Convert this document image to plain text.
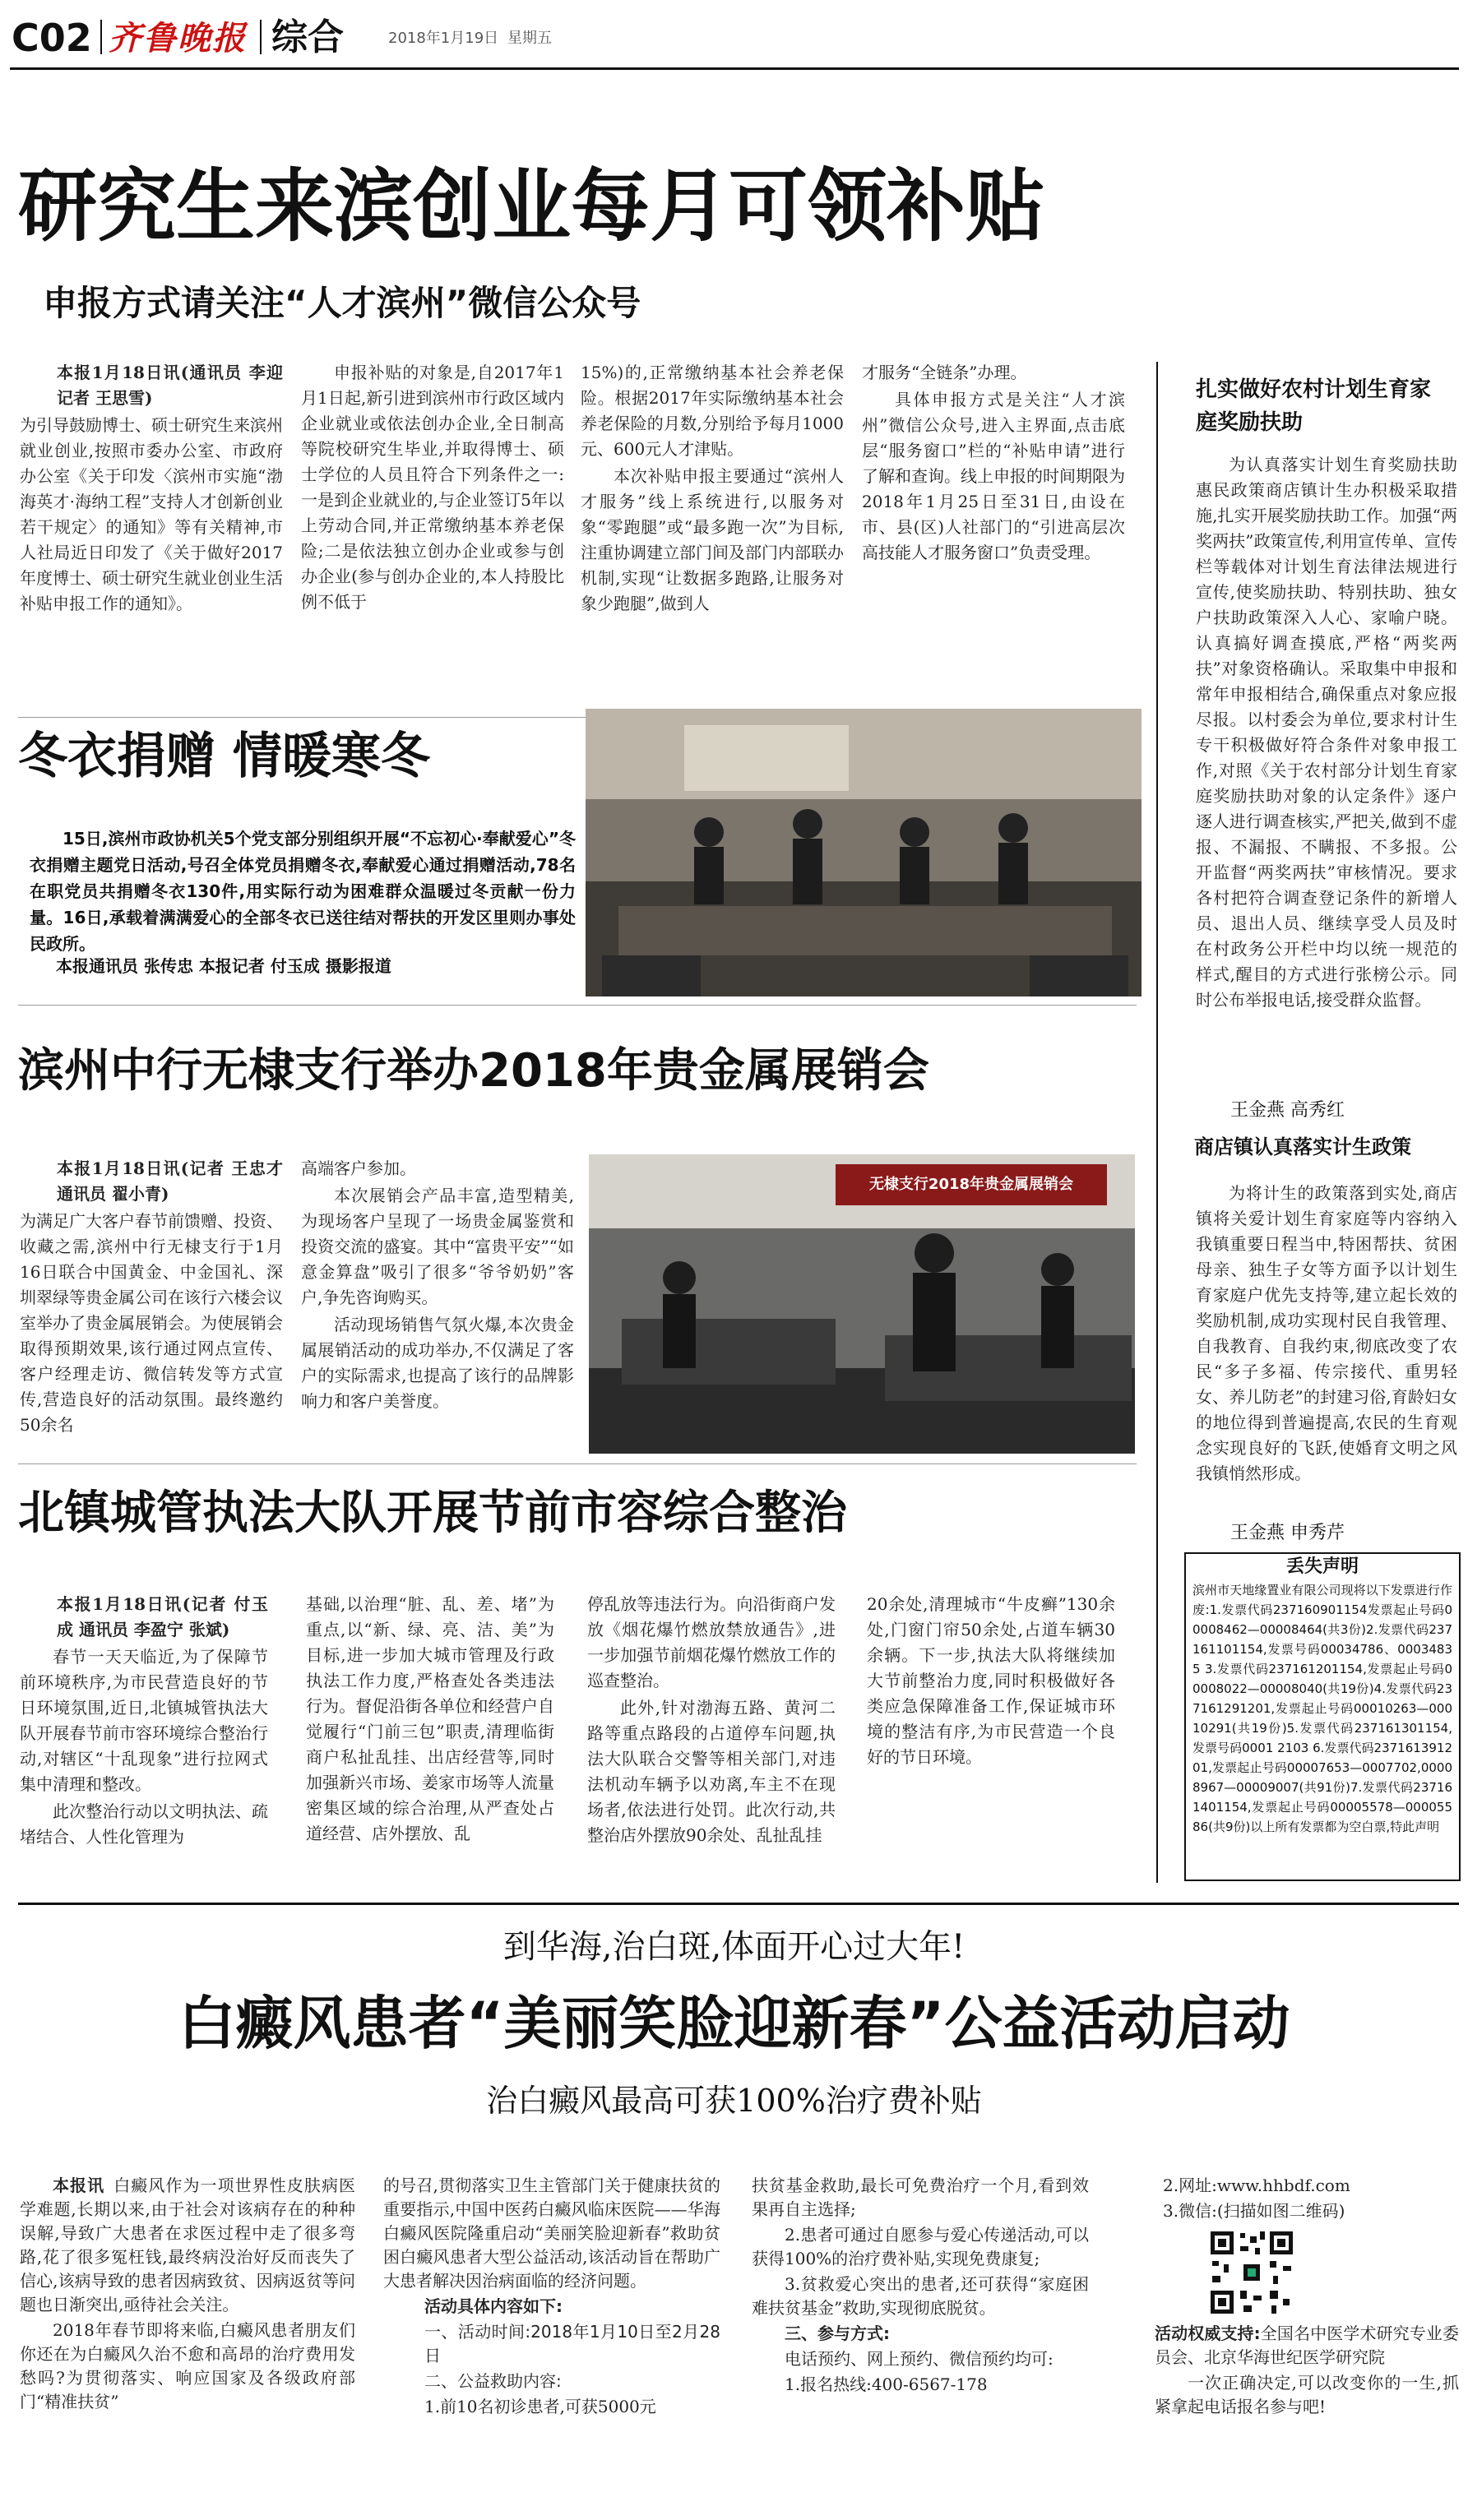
C02 齐鲁晚报 综合	2018年1月19日 星期五
研究生来滨创业每月可领补贴
申报方式请关注“人才滨州”微信公众号

本报1月18日讯(通讯员 李迎 记者 王思雪)

为引导鼓励博士、硕士研究生来滨州就业创业,按照市委办公室、市政府办公室《关于印发〈滨州市实施“渤海英才·海纳工程”支持人才创新创业若干规定〉的通知》等有关精神,市人社局近日印发了《关于做好2017年度博士、硕士研究生就业创业生活补贴申报工作的通知》。

申报补贴的对象是,自2017年1月1日起,新引进到滨州市行政区域内企业就业或依法创办企业,全日制高等院校研究生毕业,并取得博士、硕士学位的人员且符合下列条件之一:一是到企业就业的,与企业签订5年以上劳动合同,并正常缴纳基本养老保险;二是依法独立创办企业或参与创办企业(参与创办企业的,本人持股比例不低于

15%)的,正常缴纳基本社会养老保险。根据2017年实际缴纳基本社会养老保险的月数,分别给予每月1000元、600元人才津贴。

本次补贴申报主要通过“滨州人才服务”线上系统进行,以服务对象“零跑腿”或“最多跑一次”为目标,注重协调建立部门间及部门内部联办机制,实现“让数据多跑路,让服务对象少跑腿”,做到人

才服务“全链条”办理。

具体申报方式是关注“人才滨州”微信公众号,进入主界面,点击底层“服务窗口”栏的“补贴申请”进行了解和查询。线上申报的时间期限为2018年1月25日至31日,由设在市、县(区)人社部门的“引进高层次高技能人才服务窗口”负责受理。

扎实做好农村计划生育家庭奖励扶助

为认真落实计划生育奖励扶助惠民政策商店镇计生办积极采取措施,扎实开展奖励扶助工作。加强“两奖两扶”政策宣传,利用宣传单、宣传栏等载体对计划生育法律法规进行宣传,使奖励扶助、特别扶助、独女户扶助政策深入人心、家喻户晓。认真搞好调查摸底,严格“两奖两扶”对象资格确认。采取集中申报和常年申报相结合,确保重点对象应报尽报。以村委会为单位,要求村计生专干积极做好符合条件对象申报工作,对照《关于农村部分计划生育家庭奖励扶助对象的认定条件》逐户逐人进行调查核实,严把关,做到不虚报、不漏报、不瞒报、不多报。公开监督“两奖两扶”审核情况。要求各村把符合调查登记条件的新增人员、退出人员、继续享受人员及时在村政务公开栏中均以统一规范的样式,醒目的方式进行张榜公示。同时公布举报电话,接受群众监督。

王金燕 高秀红
商店镇认真落实计生政策

为将计生的政策落到实处,商店镇将关爱计划生育家庭等内容纳入我镇重要日程当中,特困帮扶、贫困母亲、独生子女等方面予以计划生育家庭户优先支持等,建立起长效的奖励机制,成功实现村民自我管理、自我教育、自我约束,彻底改变了农民“多子多福、传宗接代、重男轻女、养儿防老”的封建习俗,育龄妇女的地位得到普遍提高,农民的生育观念实现良好的飞跃,使婚育文明之风我镇悄然形成。

王金燕 申秀芹
丢失声明
滨州市天地缘置业有限公司现将以下发票进行作废:1.发票代码237160901154发票起止号码00008462—00008464(共3份)2.发票代码237161101154,发票号码00034786、00034835 3.发票代码237161201154,发票起止号码00008022—00008040(共19份)4.发票代码237161291201,发票起止号码00010263—00010291(共19份)5.发票代码237161301154,发票号码0001 2103 6.发票代码237161391201,发票起止号码00007653—0007702,00008967—00009007(共91份)7.发票代码237161401154,发票起止号码00005578—00005586(共9份)以上所有发票都为空白票,特此声明
冬衣捐赠 情暖寒冬
15日,滨州市政协机关5个党支部分别组织开展“不忘初心·奉献爱心”冬衣捐赠主题党日活动,号召全体党员捐赠冬衣,奉献爱心通过捐赠活动,78名在职党员共捐赠冬衣130件,用实际行动为困难群众温暖过冬贡献一份力量。16日,承载着满满爱心的全部冬衣已送往结对帮扶的开发区里则办事处民政所。
本报通讯员 张传忠 本报记者 付玉成 摄影报道
滨州中行无棣支行举办2018年贵金属展销会

本报1月18日讯(记者 王忠才 通讯员 翟小青)

为满足广大客户春节前馈赠、投资、收藏之需,滨州中行无棣支行于1月16日联合中国黄金、中金国礼、深圳翠绿等贵金属公司在该行六楼会议室举办了贵金属展销会。为使展销会取得预期效果,该行通过网点宣传、客户经理走访、微信转发等方式宣传,营造良好的活动氛围。最终邀约50余名

高端客户参加。

本次展销会产品丰富,造型精美,为现场客户呈现了一场贵金属鉴赏和投资交流的盛宴。其中“富贵平安”“如意金算盘”吸引了很多“爷爷奶奶”客户,争先咨询购买。

活动现场销售气氛火爆,本次贵金属展销活动的成功举办,不仅满足了客户的实际需求,也提高了该行的品牌影响力和客户美誉度。

无棣支行2018年贵金属展销会
北镇城管执法大队开展节前市容综合整治

本报1月18日讯(记者 付玉成 通讯员 李盈宁 张斌)

春节一天天临近,为了保障节前环境秩序,为市民营造良好的节日环境氛围,近日,北镇城管执法大队开展春节前市容环境综合整治行动,对辖区“十乱现象”进行拉网式集中清理和整改。

此次整治行动以文明执法、疏堵结合、人性化管理为

基础,以治理“脏、乱、差、堵”为重点,以“新、绿、亮、洁、美”为目标,进一步加大城市管理及行政执法工作力度,严格查处各类违法行为。督促沿街各单位和经营户自觉履行“门前三包”职责,清理临街商户私扯乱挂、出店经营等,同时加强新兴市场、姜家市场等人流量密集区域的综合治理,从严查处占道经营、店外摆放、乱

停乱放等违法行为。向沿街商户发放《烟花爆竹燃放禁放通告》,进一步加强节前烟花爆竹燃放工作的巡查整治。

此外,针对渤海五路、黄河二路等重点路段的占道停车问题,执法大队联合交警等相关部门,对违法机动车辆予以劝离,车主不在现场者,依法进行处罚。此次行动,共整治店外摆放90余处、乱扯乱挂

20余处,清理城市“牛皮癣”130余处,门窗门帘50余处,占道车辆30余辆。下一步,执法大队将继续加大节前整治力度,同时积极做好各类应急保障准备工作,保证城市环境的整洁有序,为市民营造一个良好的节日环境。

到华海,治白斑,体面开心过大年!
白癜风患者“美丽笑脸迎新春”公益活动启动
治白癜风最高可获100%治疗费补贴

本报讯  白癜风作为一项世界性皮肤病医学难题,长期以来,由于社会对该病存在的种种误解,导致广大患者在求医过程中走了很多弯路,花了很多冤枉钱,最终病没治好反而丧失了信心,该病导致的患者因病致贫、因病返贫等问题也日渐突出,亟待社会关注。

2018年春节即将来临,白癜风患者朋友们你还在为白癜风久治不愈和高昂的治疗费用发愁吗?为贯彻落实、响应国家及各级政府部门“精准扶贫”

的号召,贯彻落实卫生主管部门关于健康扶贫的重要指示,中国中医药白癜风临床医院——华海白癜风医院隆重启动“美丽笑脸迎新春”救助贫困白癜风患者大型公益活动,该活动旨在帮助广大患者解决因治病面临的经济问题。

活动具体内容如下:

一、活动时间:2018年1月10日至2月28日

二、公益救助内容:

1.前10名初诊患者,可获5000元

扶贫基金救助,最长可免费治疗一个月,看到效果再自主选择;

2.患者可通过自愿参与爱心传递活动,可以获得100%的治疗费补贴,实现免费康复;

3.贫救爱心突出的患者,还可获得“家庭困难扶贫基金”救助,实现彻底脱贫。

三、参与方式:

电话预约、网上预约、微信预约均可:

1.报名热线:400-6567-178

2.网址:www.hhbdf.com

3.微信:(扫描如图二维码)

活动权威支持:全国名中医学术研究专业委员会、北京华海世纪医学研究院

一次正确决定,可以改变你的一生,抓紧拿起电话报名参与吧!
